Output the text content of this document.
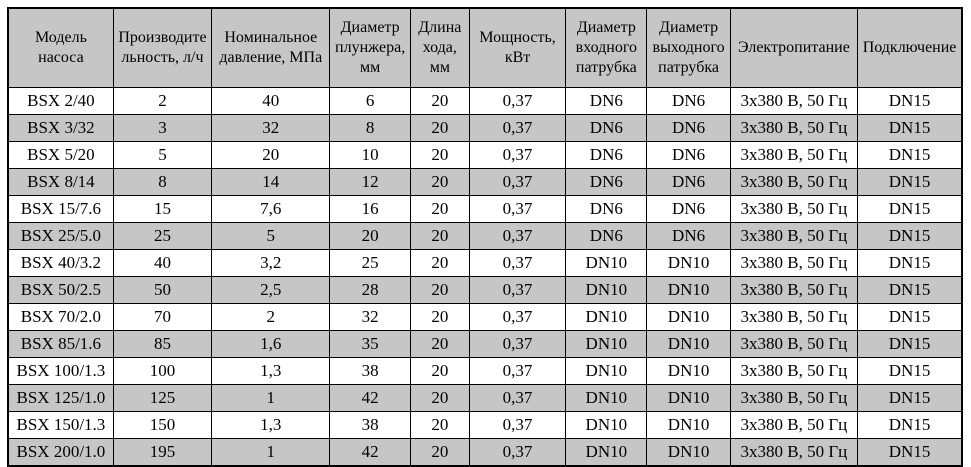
Модель насоса	Производительность, л/ч	Номинальное давление, МПа	Диаметр плунжера, мм	Длина хода, мм	Мощность, кВт	Диаметр входного патрубка	Диаметр выходного патрубка	Электропитание	Подключение
BSX 2/40	2	40	6	20	0,37	DN6	DN6	3x380 В, 50 Гц	DN15
BSX 3/32	3	32	8	20	0,37	DN6	DN6	3x380 В, 50 Гц	DN15
BSX 5/20	5	20	10	20	0,37	DN6	DN6	3x380 В, 50 Гц	DN15
BSX 8/14	8	14	12	20	0,37	DN6	DN6	3x380 В, 50 Гц	DN15
BSX 15/7.6	15	7,6	16	20	0,37	DN6	DN6	3x380 В, 50 Гц	DN15
BSX 25/5.0	25	5	20	20	0,37	DN6	DN6	3x380 В, 50 Гц	DN15
BSX 40/3.2	40	3,2	25	20	0,37	DN10	DN10	3x380 В, 50 Гц	DN15
BSX 50/2.5	50	2,5	28	20	0,37	DN10	DN10	3x380 В, 50 Гц	DN15
BSX 70/2.0	70	2	32	20	0,37	DN10	DN10	3x380 В, 50 Гц	DN15
BSX 85/1.6	85	1,6	35	20	0,37	DN10	DN10	3x380 В, 50 Гц	DN15
BSX 100/1.3	100	1,3	38	20	0,37	DN10	DN10	3x380 В, 50 Гц	DN15
BSX 125/1.0	125	1	42	20	0,37	DN10	DN10	3x380 В, 50 Гц	DN15
BSX 150/1.3	150	1,3	38	20	0,37	DN10	DN10	3x380 В, 50 Гц	DN15
BSX 200/1.0	195	1	42	20	0,37	DN10	DN10	3x380 В, 50 Гц	DN15
